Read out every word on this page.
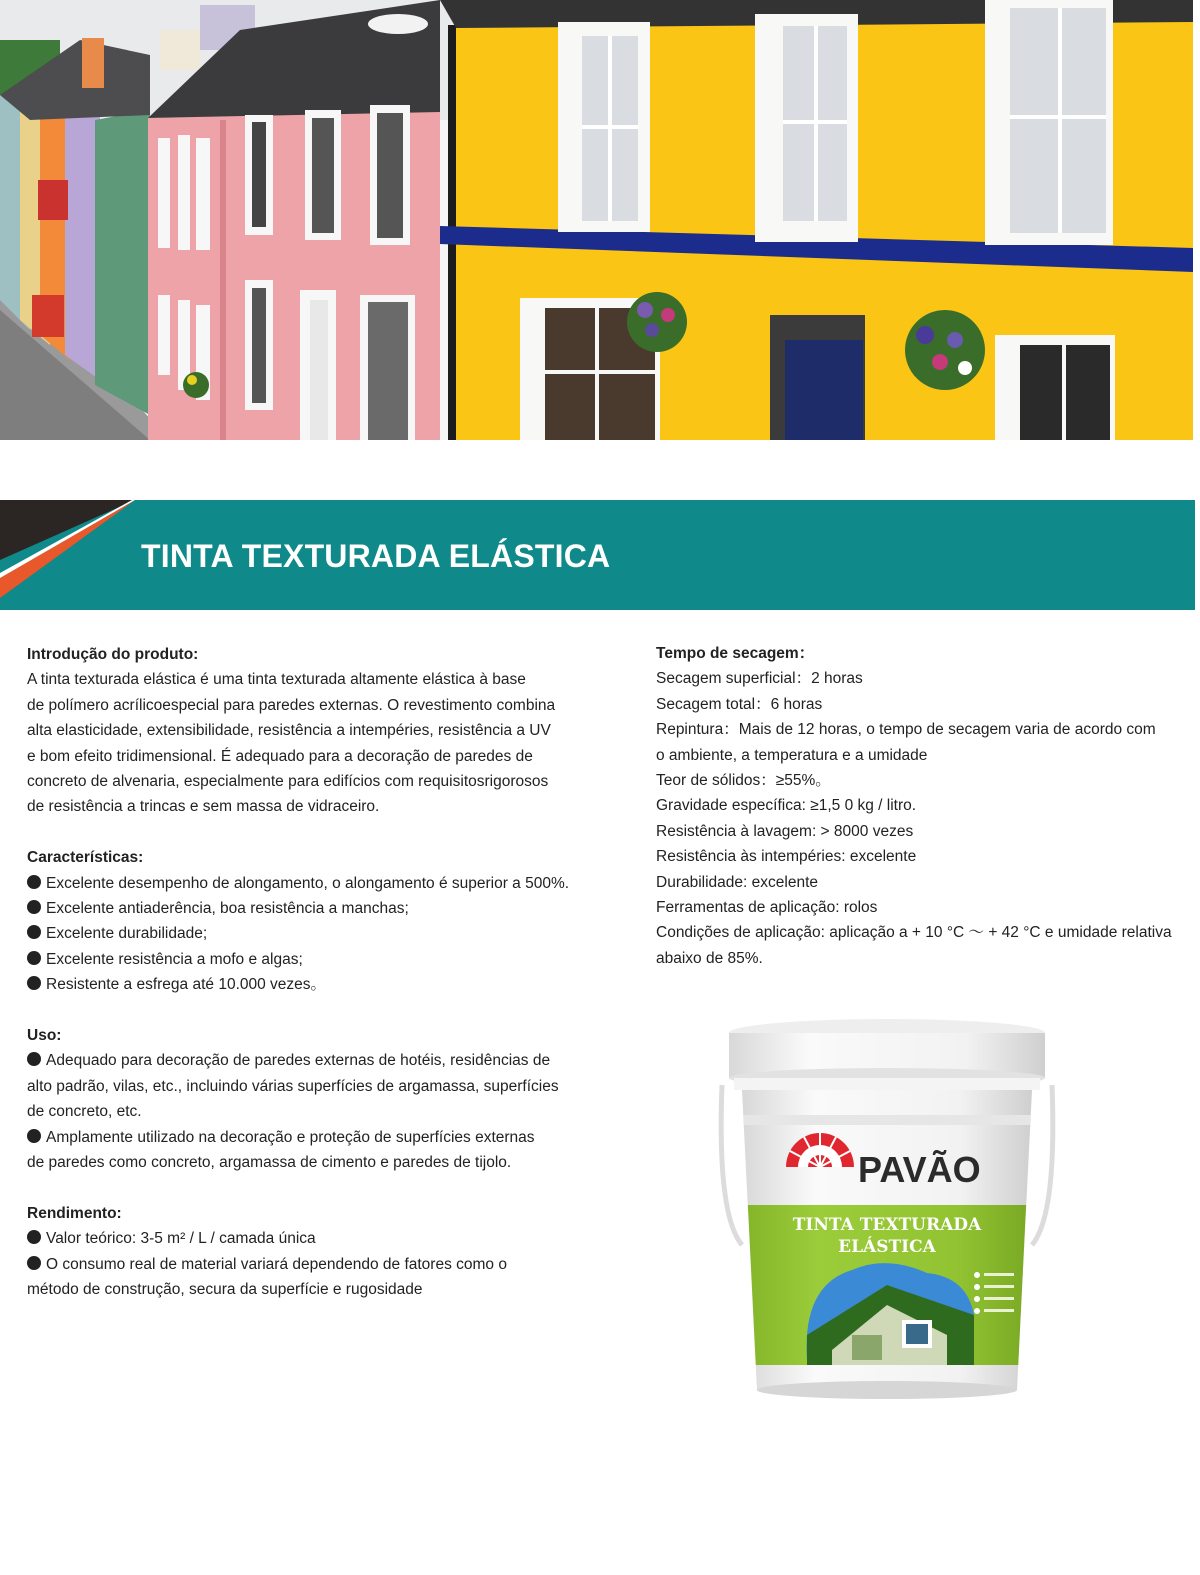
TINTA TEXTURADA ELÁSTICA
Introdução do produto:
A tinta texturada elástica é uma tinta texturada altamente elástica à base
de polímero acrílicoespecial para paredes externas. O revestimento combina
alta elasticidade, extensibilidade, resistência a intempéries, resistência a UV
e bom efeito tridimensional. É adequado para a decoração de paredes de
concreto de alvenaria, especialmente para edifícios com requisitosrigorosos
de resistência a trincas e sem massa de vidraceiro.
Características:
Excelente desempenho de alongamento, o alongamento é superior a 500%.
Excelente antiaderência, boa resistência a manchas;
Excelente durabilidade;
Excelente resistência a mofo e algas;
Resistente a esfrega até 10.000 vezes。
Uso:
Adequado para decoração de paredes externas de hotéis, residências de
alto padrão, vilas, etc., incluindo várias superfícies de argamassa, superfícies
de concreto, etc.
Amplamente utilizado na decoração e proteção de superfícies externas
de paredes como concreto, argamassa de cimento e paredes de tijolo.
Rendimento:
Valor teórico: 3-5 m² / L / camada única
O consumo real de material variará dependendo de fatores como o
método de construção, secura da superfície e rugosidade
Tempo de secagem：
Secagem superficial：2 horas
Secagem total：6 horas
Repintura：Mais de 12 horas, o tempo de secagem varia de acordo com
o ambiente, a temperatura e a umidade
Teor de sólidos：≥55%。
Gravidade específica: ≥1,5 0 kg / litro.
Resistência à lavagem: > 8000 vezes
Resistência às intempéries: excelente
Durabilidade: excelente
Ferramentas de aplicação: rolos
Condições de aplicação: aplicação a + 10 °C ～ + 42 °C e umidade relativa
abaixo de 85%.
PAVÃO
TINTA TEXTURADA
ELÁSTICA
